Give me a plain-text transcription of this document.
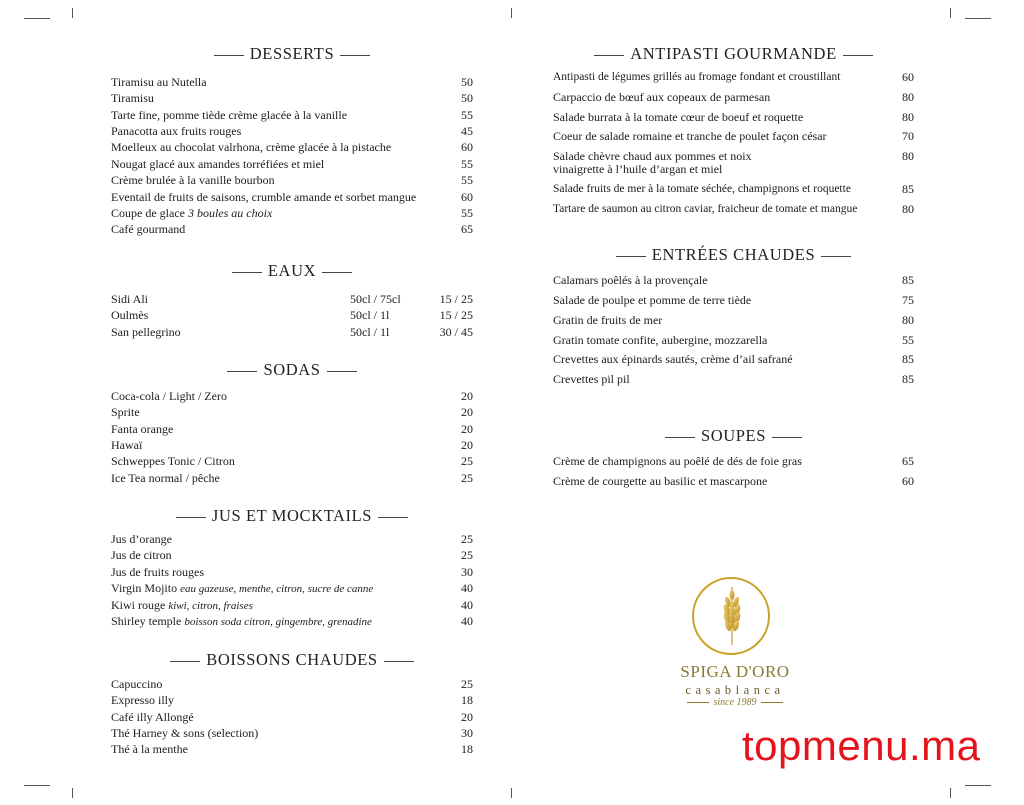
DESSERTS
Tiramisu au Nutella	50
Tiramisu	50
Tarte fine, pomme tiède crème glacée à la vanille	55
Panacotta aux fruits rouges	45
Moelleux au chocolat valrhona, crème glacée à la pistache	60
Nougat glacé aux amandes torréfiées et miel	55
Crème brulée à la vanille bourbon	55
Eventail de fruits de saisons, crumble amande et sorbet mangue	60
Coupe de glace 3 boules au choix	55
Café gourmand	65
EAUX
Sidi Ali	50cl / 75cl	15 / 25
Oulmès	50cl / 1l	15 / 25
San pellegrino	50cl / 1l	30 / 45
SODAS
Coca-cola / Light / Zero	20
Sprite	20
Fanta orange	20
Hawaï	20
Schweppes Tonic / Citron	25
Ice Tea normal / pêche	25
JUS ET MOCKTAILS
Jus d’orange	25
Jus de citron	25
Jus de fruits rouges	30
Virgin Mojito eau gazeuse, menthe, citron, sucre de canne	40
Kiwi rouge kiwi, citron, fraises	40
Shirley temple boisson soda citron, gingembre, grenadine	40
BOISSONS CHAUDES
Capuccino	25
Expresso illy	18
Café illy Allongé	20
Thé Harney & sons (selection)	30
Thé à la menthe	18
ANTIPASTI GOURMANDE
Antipasti de légumes grillés au fromage fondant et croustillant	60
Carpaccio de bœuf aux copeaux de parmesan	80
Salade burrata à la tomate cœur de boeuf et roquette	80
Coeur de salade romaine et tranche de poulet façon césar	70
Salade chèvre chaud aux pommes et noix
vinaigrette à l’huile d’argan et miel
80
Salade fruits de mer à la tomate séchée, champignons et roquette	85
Tartare de saumon au citron caviar, fraicheur de tomate et mangue	80
ENTRÉES CHAUDES
Calamars poêlés à la provençale	85
Salade de poulpe et pomme de terre tiède	75
Gratin de fruits de mer	80
Gratin tomate confite, aubergine, mozzarella	55
Crevettes aux épinards sautés, crème d’ail safrané	85
Crevettes pil pil	85
SOUPES
Crème de champignons au poêlé de dés de foie gras	65
Crème de courgette au basilic et mascarpone	60
SPIGA D'ORO
casablanca
since 1989
topmenu.ma
